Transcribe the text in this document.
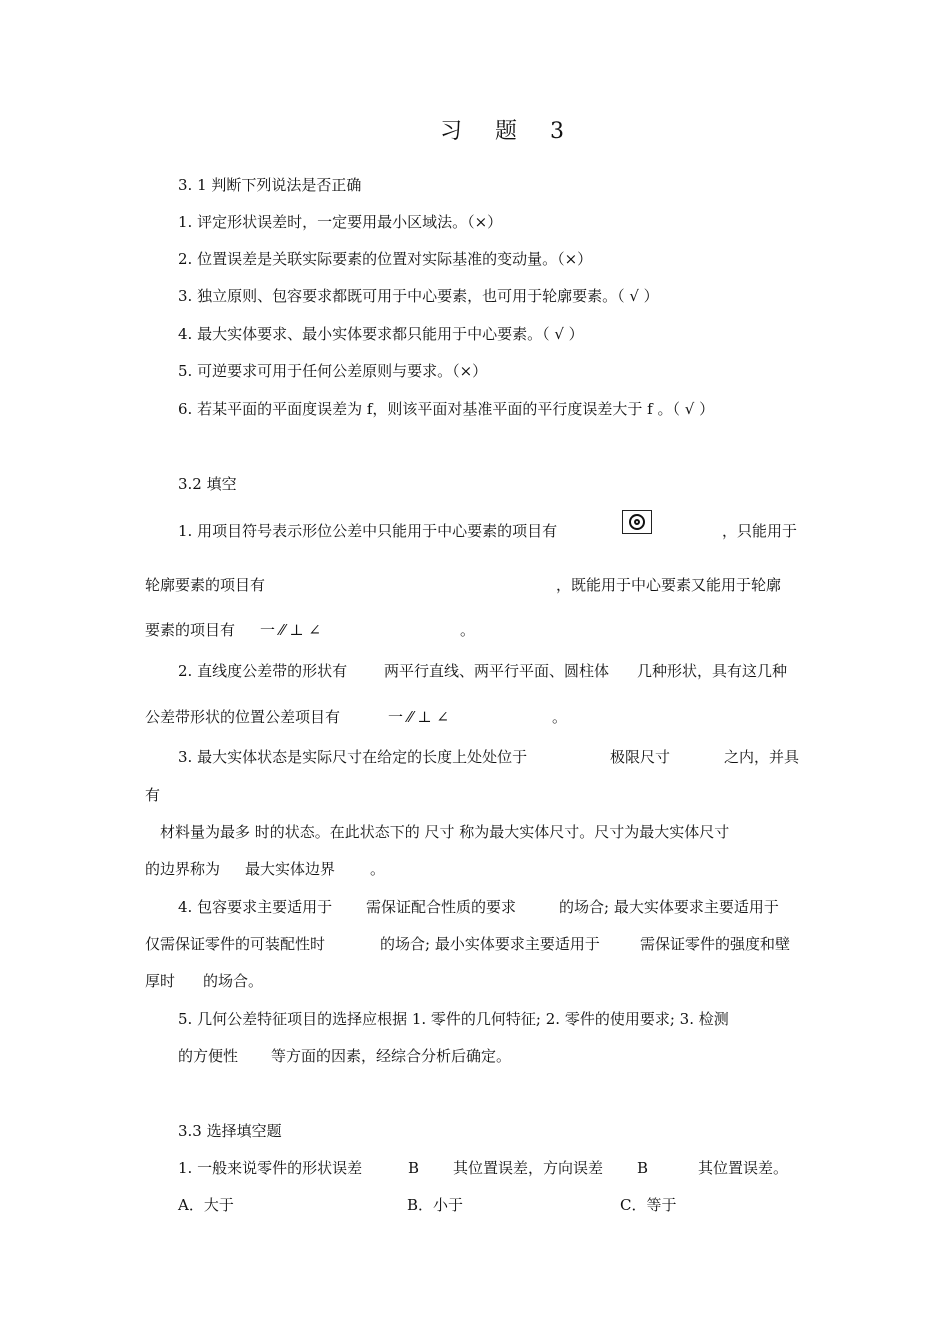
习 题 3
3. 1 判断下列说法是否正确
1. 评定形状误差时，一定要用最小区域法。（×）
2. 位置误差是关联实际要素的位置对实际基准的变动量。（×）
3. 独立原则、包容要求都既可用于中心要素，也可用于轮廓要素。（ √ ）
4. 最大实体要求、最小实体要求都只能用于中心要素。（ √ ）
5. 可逆要求可用于任何公差原则与要求。（×）
6. 若某平面的平面度误差为 f，则该平面对基准平面的平行度误差大于 f 。（ √ ）
3.2 填空
1. 用项目符号表示形位公差中只能用于中心要素的项目有	，只能用于
轮廓要素的项目有	，既能用于中心要素又能用于轮廓
要素的项目有 一 ⁄⁄ ⊥ ∠	。
2. 直线度公差带的形状有 两平行直线、两平行平面、圆柱体 几种形状，具有这几种
公差带形状的位置公差项目有	一 ⁄⁄ ⊥ ∠	。
3. 最大实体状态是实际尺寸在给定的长度上处处位于	极限尺寸	之内，并具
有
材料量为最多 时的状态。在此状态下的 尺寸 称为最大实体尺寸。尺寸为最大实体尺寸
的边界称为 最大实体边界 。
4. 包容要求主要适用于 需保证配合性质的要求	的场合; 最大实体要求主要适用于
仅需保证零件的可装配性时	的场合; 最小实体要求主要适用于	需保证零件的强度和壁
厚时 的场合。
5. 几何公差特征项目的选择应根据 1. 零件的几何特征; 2. 零件的使用要求; 3. 检测
的方便性 等方面的因素，经综合分析后确定。
3.3 选择填空题
1. 一般来说零件的形状误差	B 其位置误差，方向误差 B	其位置误差。
A．大于	B．小于	C．等于
